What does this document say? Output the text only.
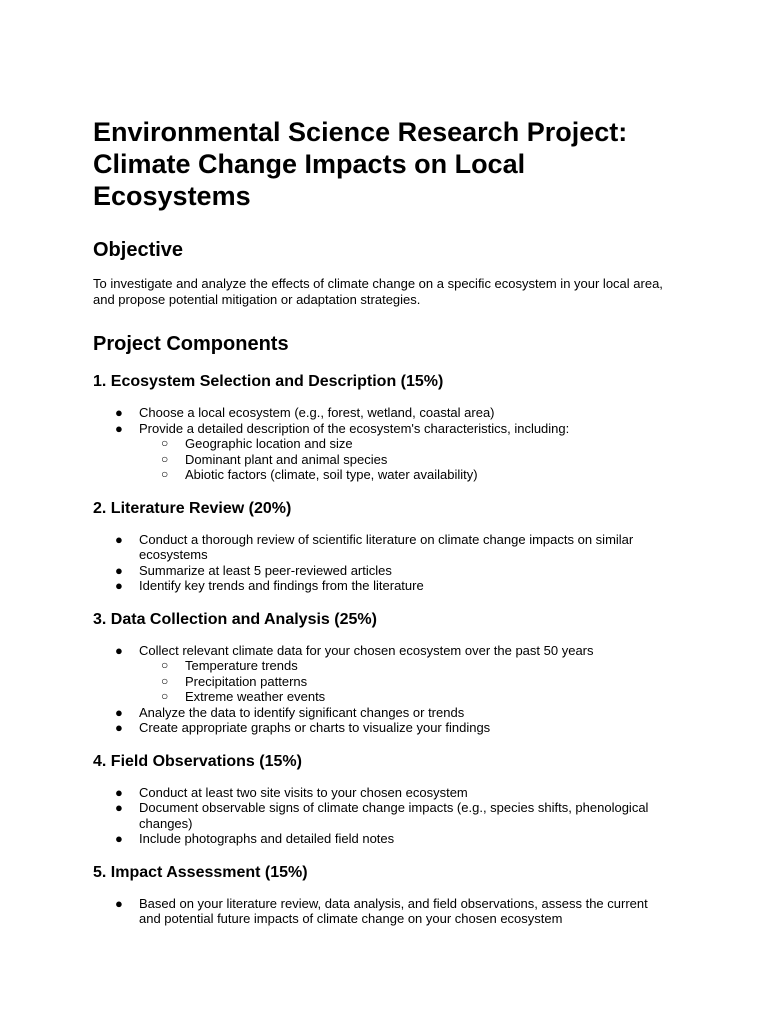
Environmental Science Research Project: Climate Change Impacts on Local Ecosystems
Objective

To investigate and analyze the effects of climate change on a specific ecosystem in your local area, and propose potential mitigation or adaptation strategies.

Project Components
1. Ecosystem Selection and Description (15%)
● Choose a local ecosystem (e.g., forest, wetland, coastal area)
● Provide a detailed description of the ecosystem's characteristics, including:
○ Geographic location and size
○ Dominant plant and animal species
○ Abiotic factors (climate, soil type, water availability)
2. Literature Review (20%)
● Conduct a thorough review of scientific literature on climate change impacts on similar ecosystems
● Summarize at least 5 peer-reviewed articles
● Identify key trends and findings from the literature
3. Data Collection and Analysis (25%)
● Collect relevant climate data for your chosen ecosystem over the past 50 years
○ Temperature trends
○ Precipitation patterns
○ Extreme weather events
● Analyze the data to identify significant changes or trends
● Create appropriate graphs or charts to visualize your findings
4. Field Observations (15%)
● Conduct at least two site visits to your chosen ecosystem
● Document observable signs of climate change impacts (e.g., species shifts, phenological changes)
● Include photographs and detailed field notes
5. Impact Assessment (15%)
● Based on your literature review, data analysis, and field observations, assess the current and potential future impacts of climate change on your chosen ecosystem
